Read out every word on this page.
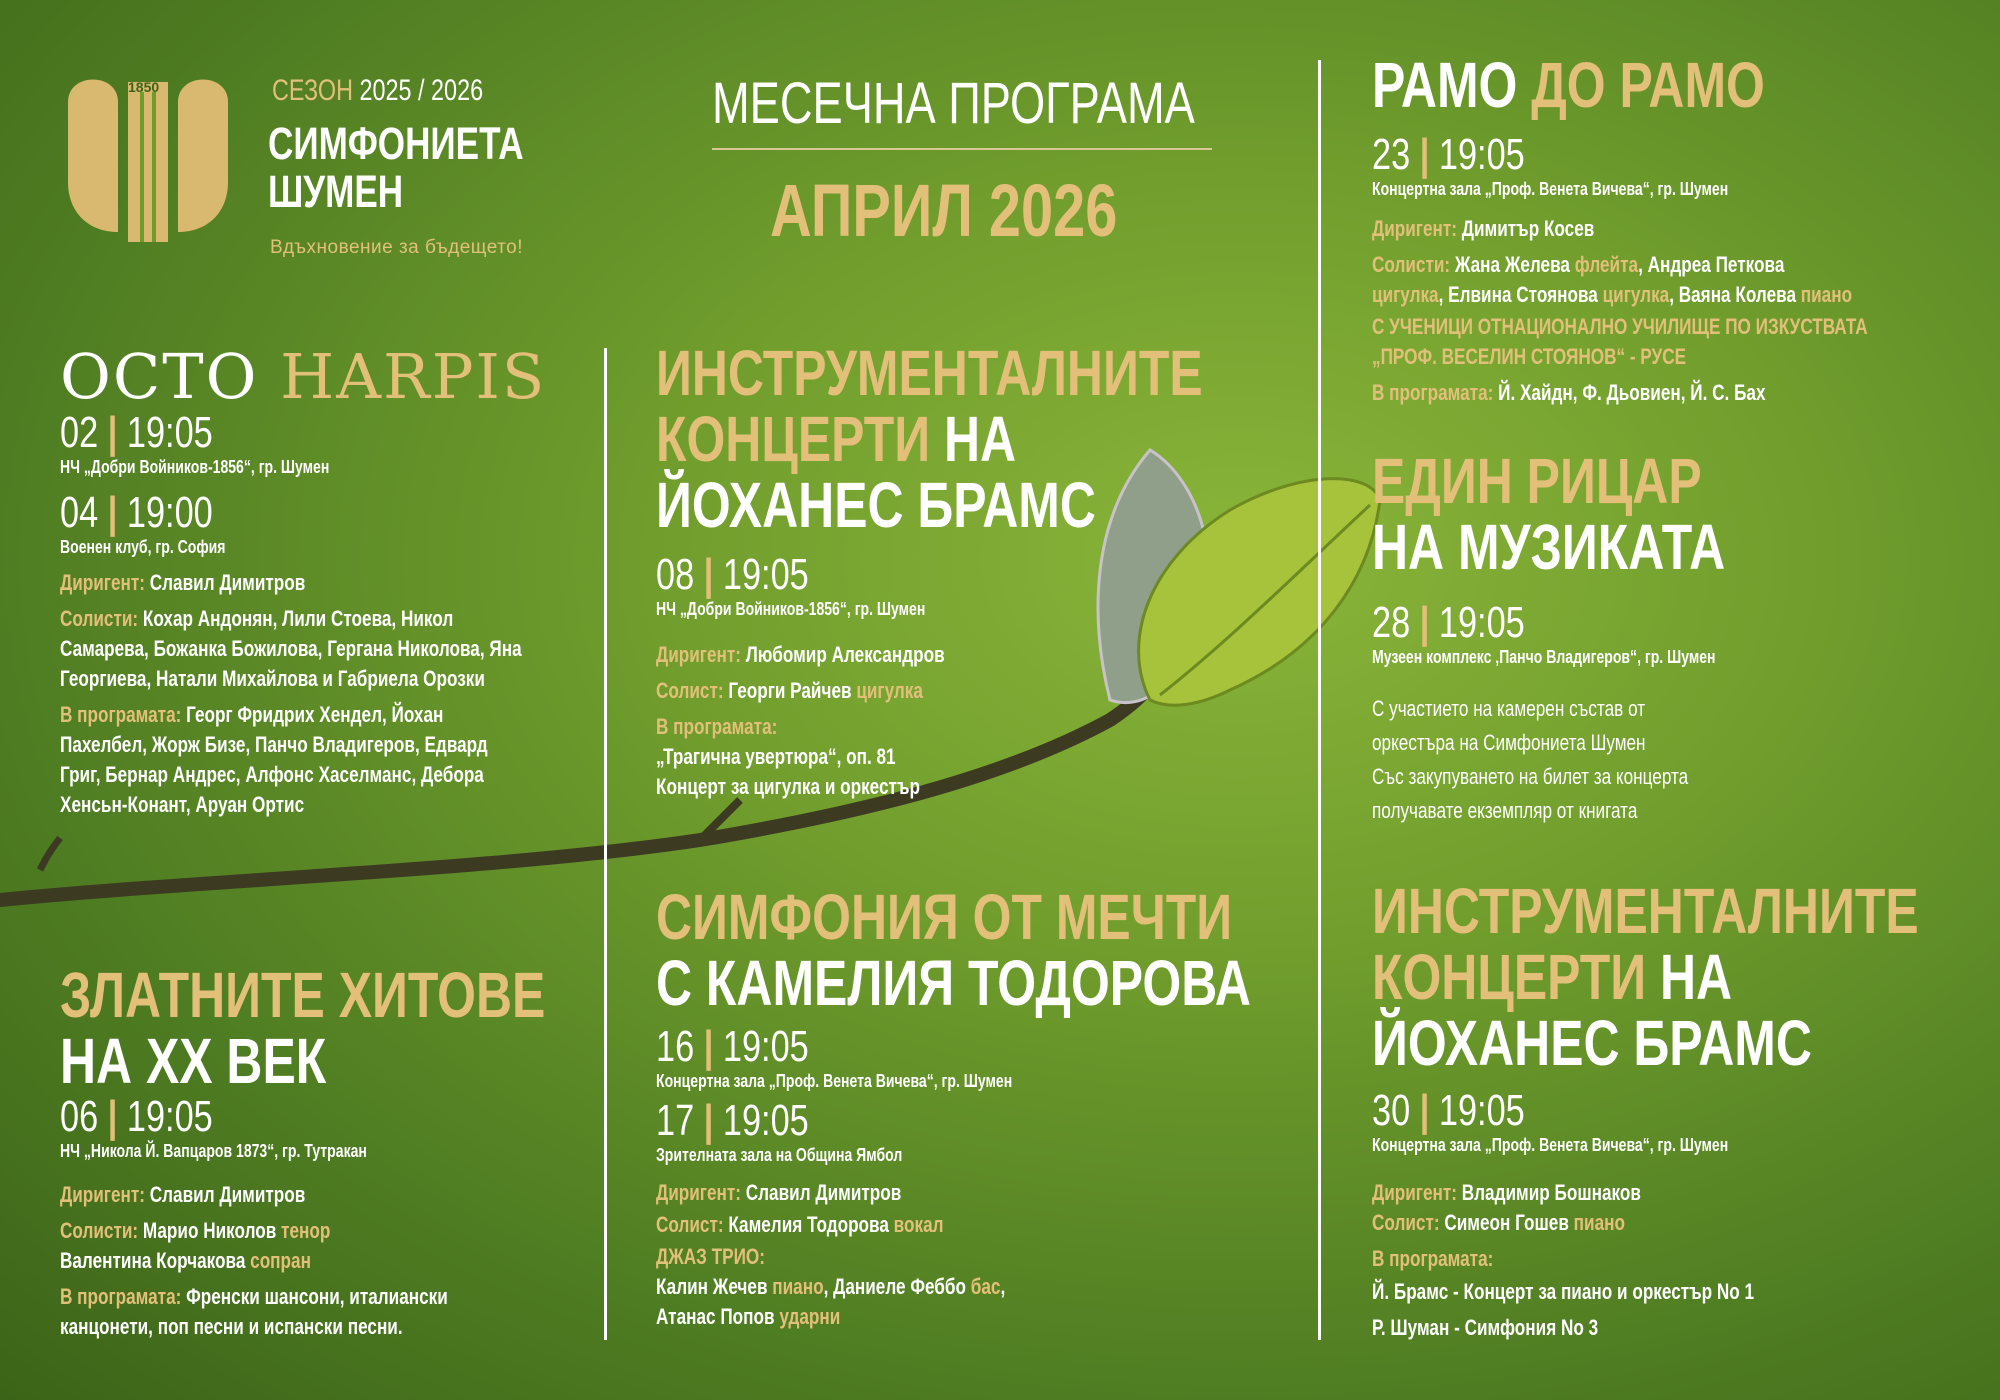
1850	СЕЗОН 2025 / 2026
СИМФОНИЕТА
ШУМЕН
Вдъхновение за бъдещето!
МЕСЕЧНА ПРОГРАМА
АПРИЛ 2026
OCTO HARPIS
02 | 19:05
НЧ „Добри Войников-1856“, гр. Шумен
04 | 19:00
Военен клуб, гр. София
Диригент: Славил Димитров
Солисти: Кохар Андонян, Лили Стоева, Никол
Самарева, Божанка Божилова, Гергана Николова, Яна
Георгиева, Натали Михайлова и Габриела Орозки
В програмата: Георг Фридрих Хендел, Йохан
Пахелбел, Жорж Бизе, Панчо Владигеров, Едвард
Григ, Бернар Андрес, Алфонс Хаселманс, Дебора
Хенсьн-Конант, Аруан Ортис
ЗЛАТНИТЕ ХИТОВЕ
НА ХХ ВЕК
06 | 19:05
НЧ „Никола Й. Вапцаров 1873“, гр. Тутракан
Диригент: Славил Димитров
Солисти: Марио Николов тенор
Валентина Корчакова сопран
В програмата: Френски шансони, италиански
канцонети, поп песни и испански песни.
ИНСТРУМЕНТАЛНИТЕ
КОНЦЕРТИ НА
ЙОХАНЕС БРАМС
08 | 19:05
НЧ „Добри Войников-1856“, гр. Шумен
Диригент: Любомир Александров
Солист: Георги Райчев цигулка
В програмата:
„Трагична увертюра“, оп. 81
Концерт за цигулка и оркестър
СИМФОНИЯ ОТ МЕЧТИ
С КАМЕЛИЯ ТОДОРОВА
16 | 19:05
Концертна зала „Проф. Венета Вичева“, гр. Шумен
17 | 19:05
Зрителната зала на Община Ямбол
Диригент: Славил Димитров
Солист: Камелия Тодорова вокал
ДЖАЗ ТРИО:
Калин Жечев пиано, Даниеле Феббо бас,
Атанас Попов ударни
РАМО ДО РАМО
23 | 19:05
Концертна зала „Проф. Венета Вичева“, гр. Шумен
Диригент: Димитър Косев
Солисти: Жана Желева флейта, Андреа Петкова
цигулка, Елвина Стоянова цигулка, Ваяна Колева пиано
С УЧЕНИЦИ ОТНАЦИОНАЛНО УЧИЛИЩЕ ПО ИЗКУСТВАТА
„ПРОФ. ВЕСЕЛИН СТОЯНОВ“ - РУСЕ
В програмата: Й. Хайдн, Ф. Дьовиен, Й. С. Бах
ЕДИН РИЦАР
НА МУЗИКАТА
28 | 19:05
Музеен комплекс ‚Панчо Владигеров“, гр. Шумен
С участието на камерен състав от
оркестъра на Симфониета Шумен
Със закупуването на билет за концерта
получавате екземпляр от книгата
ИНСТРУМЕНТАЛНИТЕ
КОНЦЕРТИ НА
ЙОХАНЕС БРАМС
30 | 19:05
Концертна зала „Проф. Венета Вичева“, гр. Шумен
Диригент: Владимир Бошнаков
Солист: Симеон Гошев пиано
В програмата:
Й. Брамс - Концерт за пиано и оркестър No 1
Р. Шуман - Симфония No 3
